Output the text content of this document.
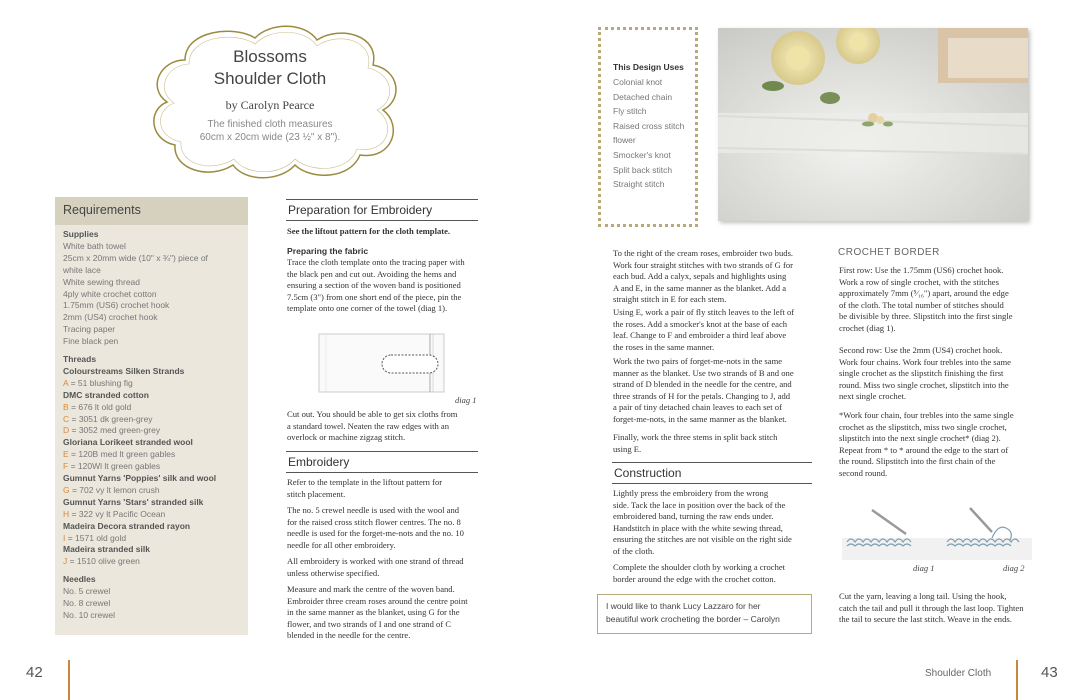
Blossoms
Shoulder Cloth
by Carolyn Pearce
The finished cloth measures
60cm x 20cm wide (23 ½" x 8").
Requirements
Supplies
White bath towel
25cm x 20mm wide (10" x ¾") piece of
white lace
White sewing thread
4ply white crochet cotton
1.75mm (US6) crochet hook
2mm (US4) crochet hook
Tracing paper
Fine black pen
Threads
Colourstreams Silken Strands
A = 51 blushing fig
DMC stranded cotton
B = 676 lt old gold
C = 3051 dk green-grey
D = 3052 med green-grey
Gloriana Lorikeet stranded wool
E = 120B med lt green gables
F = 120Wl lt green gables
Gumnut Yarns 'Poppies' silk and wool
G = 702 vy lt lemon crush
Gumnut Yarns 'Stars' stranded silk
H = 322 vy lt Pacific Ocean
Madeira Decora stranded rayon
I = 1571 old gold
Madeira stranded silk
J = 1510 olive green
Needles
No. 5 crewel
No. 8 crewel
No. 10 crewel
Preparation for Embroidery
See the liftout pattern for the cloth template.
Preparing the fabric
Trace the cloth template onto the tracing paper with
the black pen and cut out. Avoiding the hems and
ensuring a section of the woven band is positioned
7.5cm (3") from one short end of the piece, pin the
template onto one corner of the towel (diag 1).
diag 1
Cut out. You should be able to get six cloths from
a standard towel. Neaten the raw edges with an
overlock or machine zigzag stitch.
Embroidery
Refer to the template in the liftout pattern for
stitch placement.
The no. 5 crewel needle is used with the wool and
for the raised cross stitch flower centres. The no. 8
needle is used for the forget-me-nots and the no. 10
needle for all other embroidery.
All embroidery is worked with one strand of thread
unless otherwise specified.
Measure and mark the centre of the woven band.
Embroider three cream roses around the centre point
in the same manner as the blanket, using G for the
flower, and two strands of I and one strand of C
blended in the needle for the centre.
42
This Design Uses
Colonial knot
Detached chain
Fly stitch
Raised cross stitch
flower
Smocker's knot
Split back stitch
Straight stitch
To the right of the cream roses, embroider two buds.
Work four straight stitches with two strands of G for
each bud. Add a calyx, sepals and highlights using
A and E, in the same manner as the blanket. Add a
straight stitch in E for each stem.
Using E, work a pair of fly stitch leaves to the left of
the roses. Add a smocker's knot at the base of each
leaf. Change to F and embroider a third leaf above
the roses in the same manner.
Work the two pairs of forget-me-nots in the same
manner as the blanket. Use two strands of B and one
strand of D blended in the needle for the centre, and
three strands of H for the petals. Changing to J, add
a pair of tiny detached chain leaves to each set of
forget-me-nots, in the same manner as the blanket.
Finally, work the three stems in split back stitch
using E.
Construction
Lightly press the embroidery from the wrong
side. Tack the lace in position over the back of the
embroidered band, turning the raw ends under.
Handstitch in place with the white sewing thread,
ensuring the stitches are not visible on the right side
of the cloth.
Complete the shoulder cloth by working a crochet
border around the edge with the crochet cotton.
I would like to thank Lucy Lazzaro for her
beautiful work crocheting the border – Carolyn
CROCHET BORDER
First row: Use the 1.75mm (US6) crochet hook.
Work a row of single crochet, with the stitches
approximately 7mm (⁵⁄₁₆") apart, around the edge
of the cloth. The total number of stitches should
be divisible by three. Slipstitch into the first single
crochet (diag 1).
Second row: Use the 2mm (US4) crochet hook.
Work four chains. Work four trebles into the same
single crochet as the slipstitch finishing the first
round. Miss two single crochet, slipstitch into the
next single crochet.
*Work four chain, four trebles into the same single
crochet as the slipstitch, miss two single crochet,
slipstitch into the next single crochet* (diag 2).
Repeat from * to * around the edge to the start of
the round. Slipstitch into the first chain of the
second round.
diag 1	diag 2
Cut the yarn, leaving a long tail. Using the hook,
catch the tail and pull it through the last loop. Tighten
the tail to secure the last stitch. Weave in the ends.
Shoulder Cloth	43
